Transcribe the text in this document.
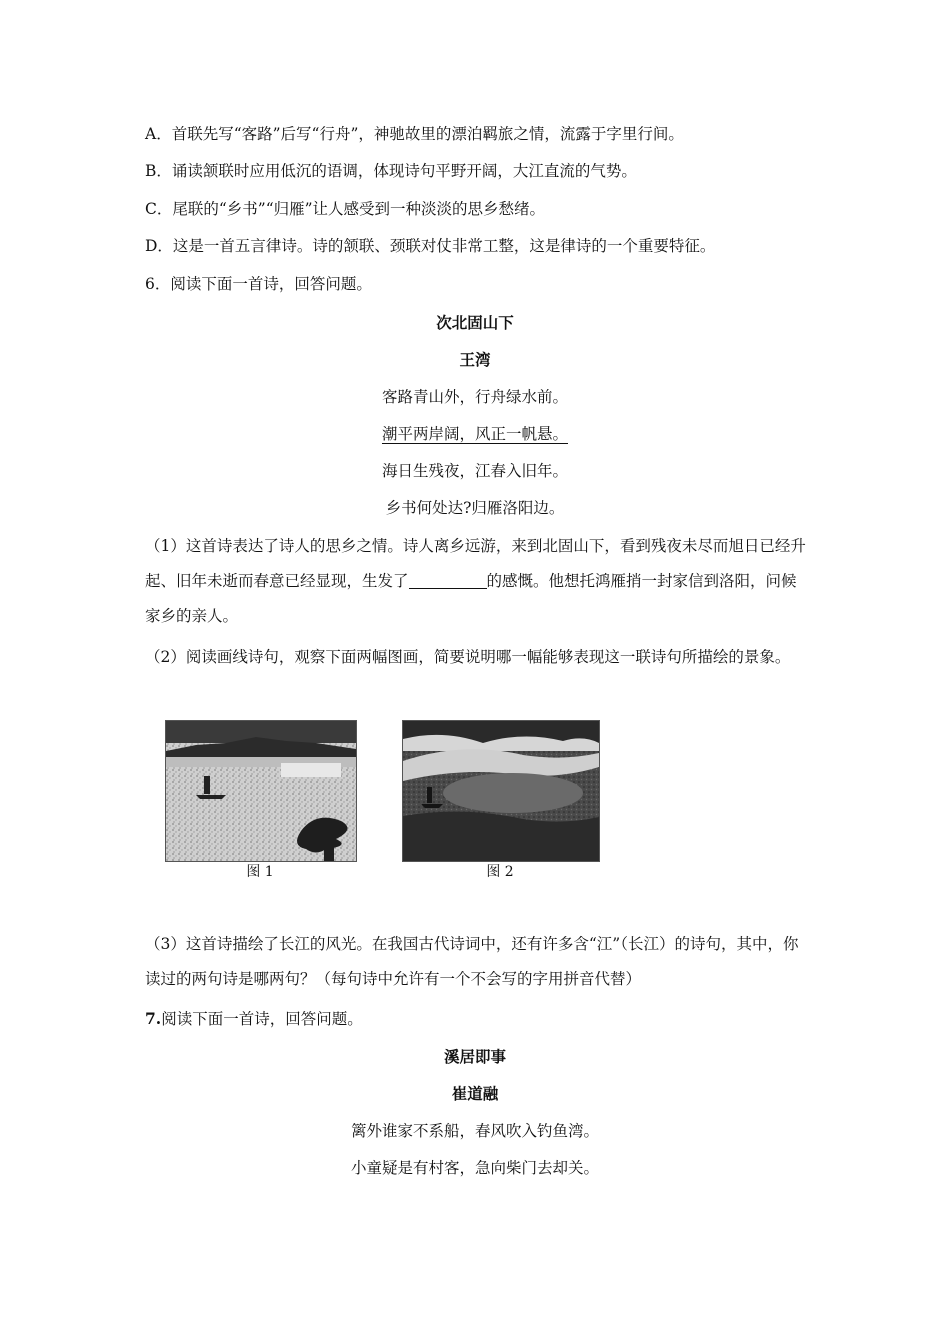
A．首联先写“客路”后写“行舟”，神驰故里的漂泊羁旅之情，流露于字里行间。
B．诵读颔联时应用低沉的语调，体现诗句平野开阔，大江直流的气势。
C．尾联的“乡书”“归雁”让人感受到一种淡淡的思乡愁绪。
D．这是一首五言律诗。诗的颔联、颈联对仗非常工整，这是律诗的一个重要特征。
6．阅读下面一首诗，回答问题。
次北固山下
王湾
客路青山外，行舟绿水前。
潮平两岸阔，风正一帆悬。
海日生残夜，江春入旧年。
乡书何处达?归雁洛阳边。
（1）这首诗表达了诗人的思乡之情。诗人离乡远游，来到北固山下，看到残夜未尽而旭日已经升起、旧年未逝而春意已经显现，生发了	的感慨。他想托鸿雁捎一封家信到洛阳，问候家乡的亲人。
（2）阅读画线诗句，观察下面两幅图画，简要说明哪一幅能够表现这一联诗句所描绘的景象。
图 1	图 2
（3）这首诗描绘了长江的风光。在我国古代诗词中，还有许多含“江”（长江）的诗句，其中，你读过的两句诗是哪两句？（每句诗中允许有一个不会写的字用拼音代替）
7.阅读下面一首诗，回答问题。
溪居即事
崔道融
篱外谁家不系船，春风吹入钓鱼湾。
小童疑是有村客，急向柴门去却关。
